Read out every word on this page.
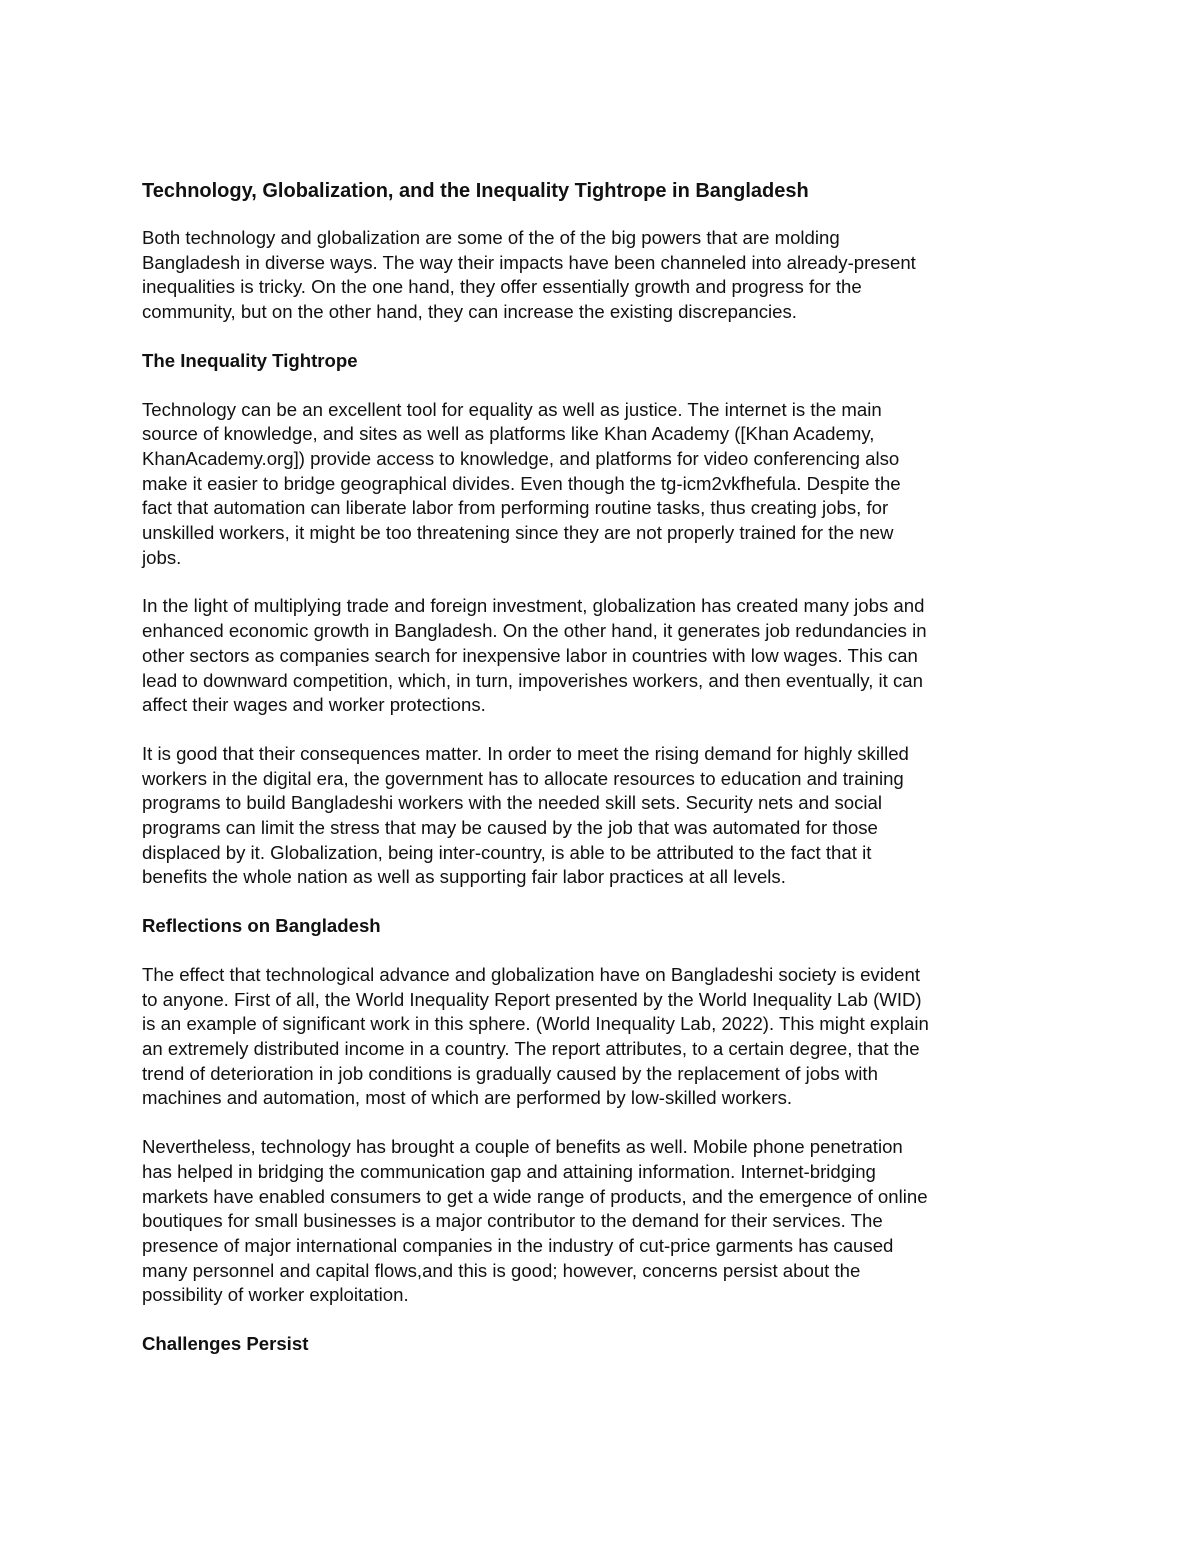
Technology, Globalization, and the Inequality Tightrope in Bangladesh
Both technology and globalization are some of the of the big powers that are molding
Bangladesh in diverse ways. The way their impacts have been channeled into already-present
inequalities is tricky. On the one hand, they offer essentially growth and progress for the
community, but on the other hand, they can increase the existing discrepancies.
The Inequality Tightrope
Technology can be an excellent tool for equality as well as justice. The internet is the main
source of knowledge, and sites as well as platforms like Khan Academy ([Khan Academy,
KhanAcademy.org]) provide access to knowledge, and platforms for video conferencing also
make it easier to bridge geographical divides. Even though the tg-icm2vkfhefula. Despite the
fact that automation can liberate labor from performing routine tasks, thus creating jobs, for
unskilled workers, it might be too threatening since they are not properly trained for the new
jobs.
In the light of multiplying trade and foreign investment, globalization has created many jobs and
enhanced economic growth in Bangladesh. On the other hand, it generates job redundancies in
other sectors as companies search for inexpensive labor in countries with low wages. This can
lead to downward competition, which, in turn, impoverishes workers, and then eventually, it can
affect their wages and worker protections.
It is good that their consequences matter. In order to meet the rising demand for highly skilled
workers in the digital era, the government has to allocate resources to education and training
programs to build Bangladeshi workers with the needed skill sets. Security nets and social
programs can limit the stress that may be caused by the job that was automated for those
displaced by it. Globalization, being inter-country, is able to be attributed to the fact that it
benefits the whole nation as well as supporting fair labor practices at all levels.
Reflections on Bangladesh
The effect that technological advance and globalization have on Bangladeshi society is evident
to anyone. First of all, the World Inequality Report presented by the World Inequality Lab (WID)
is an example of significant work in this sphere. (World Inequality Lab, 2022). This might explain
an extremely distributed income in a country. The report attributes, to a certain degree, that the
trend of deterioration in job conditions is gradually caused by the replacement of jobs with
machines and automation, most of which are performed by low-skilled workers.
Nevertheless, technology has brought a couple of benefits as well. Mobile phone penetration
has helped in bridging the communication gap and attaining information. Internet-bridging
markets have enabled consumers to get a wide range of products, and the emergence of online
boutiques for small businesses is a major contributor to the demand for their services. The
presence of major international companies in the industry of cut-price garments has caused
many personnel and capital flows,and this is good; however, concerns persist about the
possibility of worker exploitation.
Challenges Persist
